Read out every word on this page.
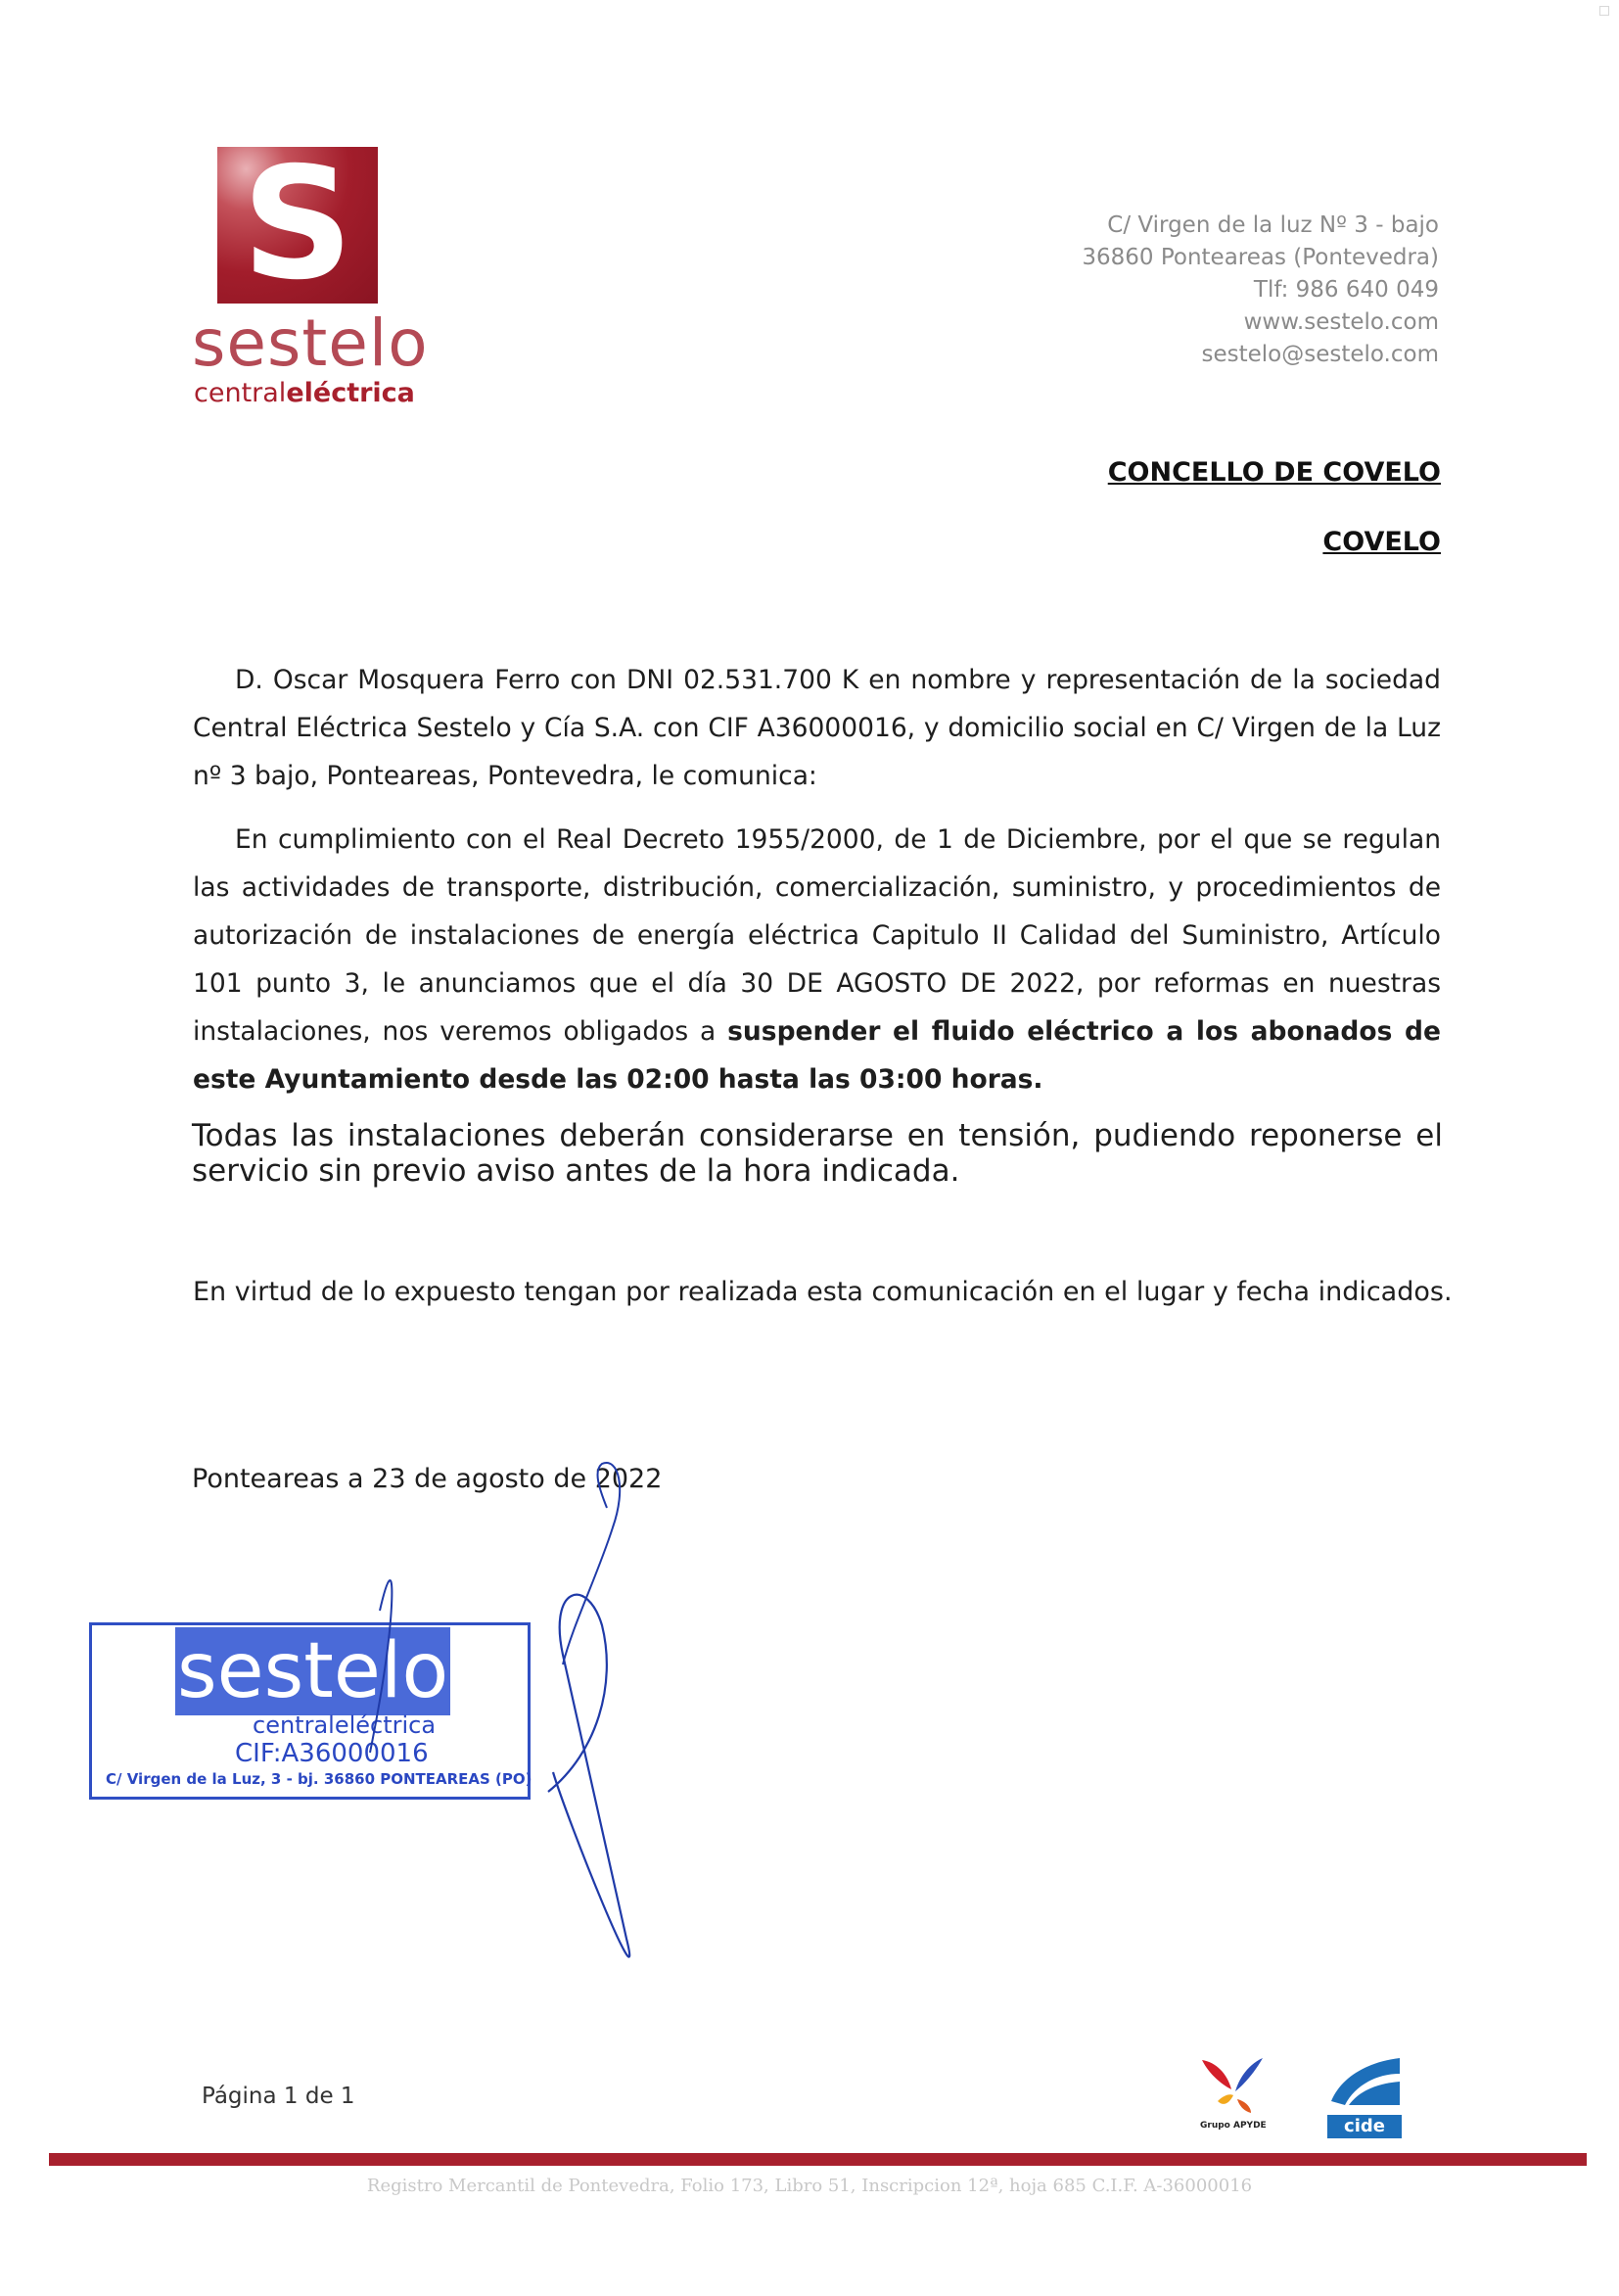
S
sestelo
centraleléctrica
C/ Virgen de la luz Nº 3 - bajo
36860 Ponteareas (Pontevedra)
Tlf: 986 640 049
www.sestelo.com
sestelo@sestelo.com
CONCELLO DE COVELO
COVELO
D. Oscar Mosquera Ferro con DNI 02.531.700 K en nombre y representación de la sociedad Central Eléctrica Sestelo y Cía S.A. con CIF A36000016, y domicilio social en C/ Virgen de la Luz nº 3 bajo, Ponteareas, Pontevedra, le comunica:
En cumplimiento con el Real Decreto 1955/2000, de 1 de Diciembre, por el que se regulan las actividades de transporte, distribución, comercialización, suministro, y procedimientos de autorización de instalaciones de energía eléctrica Capitulo II Calidad del Suministro, Artículo 101 punto 3, le anunciamos que el día 30 DE AGOSTO DE 2022, por reformas en nuestras instalaciones, nos veremos obligados a suspender el fluido eléctrico a los abonados de este Ayuntamiento desde las 02:00 hasta las 03:00 horas.
Todas las instalaciones deberán considerarse en tensión, pudiendo reponerse el servicio sin previo aviso antes de la hora indicada.
En virtud de lo expuesto tengan por realizada esta comunicación en el lugar y fecha indicados.
Ponteareas a 23 de agosto de 2022
sestelo
centraleléctrica
CIF:A36000016
C/ Virgen de la Luz, 3 - bj. 36860 PONTEAREAS (PO)
Página 1 de 1
Grupo APYDE	cide
Registro Mercantil de Pontevedra, Folio 173, Libro 51, Inscripcion 12ª, hoja 685 C.I.F. A-36000016
